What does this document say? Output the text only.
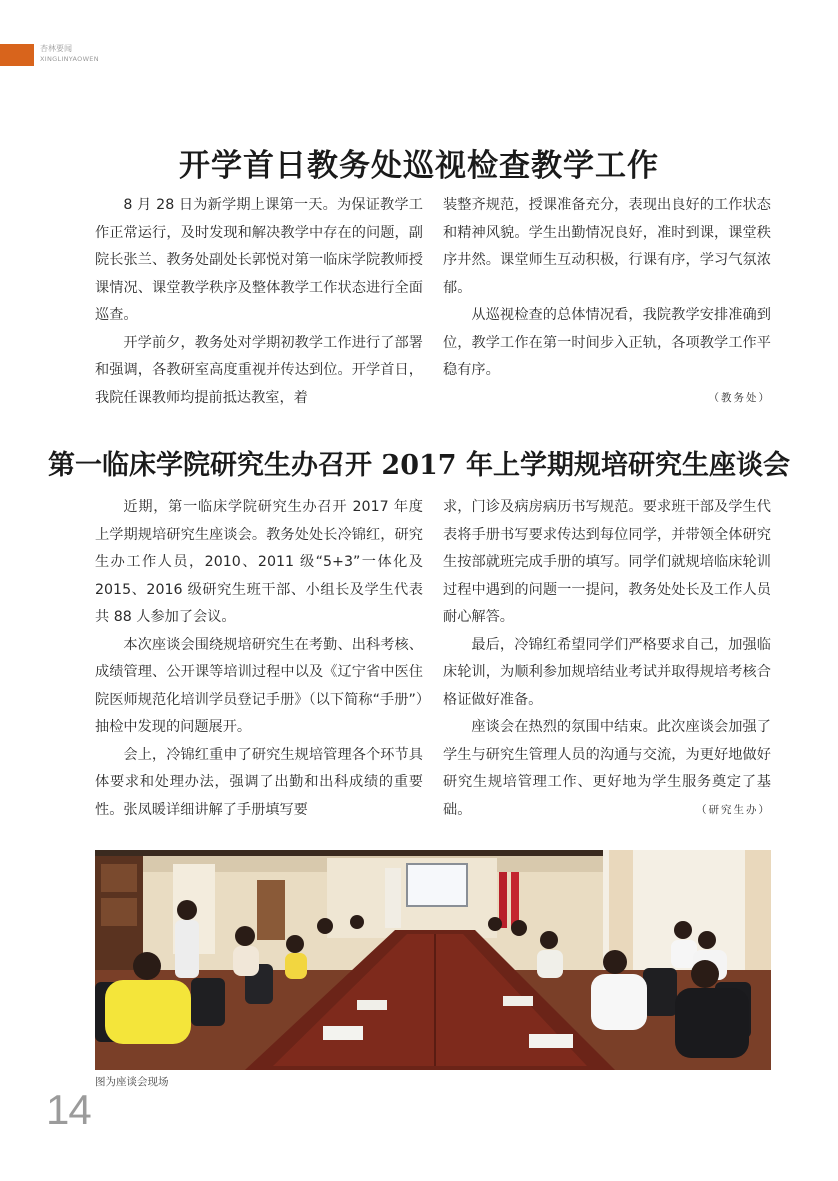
杏林要闻
XINGLINYAOWEN
开学首日教务处巡视检查教学工作

8 月 28 日为新学期上课第一天。为保证教学工作正常运行，及时发现和解决教学中存在的问题，副院长张兰、教务处副处长郭悦对第一临床学院教师授课情况、课堂教学秩序及整体教学工作状态进行全面巡查。

开学前夕，教务处对学期初教学工作进行了部署和强调，各教研室高度重视并传达到位。开学首日，我院任课教师均提前抵达教室，着

装整齐规范，授课准备充分，表现出良好的工作状态和精神风貌。学生出勤情况良好，准时到课，课堂秩序井然。课堂师生互动积极，行课有序，学习气氛浓郁。

从巡视检查的总体情况看，我院教学安排准确到位，教学工作在第一时间步入正轨，各项教学工作平稳有序。

（教务处）
第一临床学院研究生办召开 2017 年上学期规培研究生座谈会

近期，第一临床学院研究生办召开 2017 年度上学期规培研究生座谈会。教务处处长冷锦红，研究生办工作人员，2010、2011 级“5+3”一体化及 2015、2016 级研究生班干部、小组长及学生代表共 88 人参加了会议。

本次座谈会围绕规培研究生在考勤、出科考核、成绩管理、公开课等培训过程中以及《辽宁省中医住院医师规范化培训学员登记手册》（以下简称“手册”）抽检中发现的问题展开。

会上，冷锦红重申了研究生规培管理各个环节具体要求和处理办法，强调了出勤和出科成绩的重要性。张凤暖详细讲解了手册填写要

求，门诊及病房病历书写规范。要求班干部及学生代表将手册书写要求传达到每位同学，并带领全体研究生按部就班完成手册的填写。同学们就规培临床轮训过程中遇到的问题一一提问，教务处处长及工作人员耐心解答。

最后，冷锦红希望同学们严格要求自己，加强临床轮训，为顺利参加规培结业考试并取得规培考核合格证做好准备。

座谈会在热烈的氛围中结束。此次座谈会加强了学生与研究生管理人员的沟通与交流，为更好地做好研究生规培管理工作、更好地为学生服务奠定了基础。	（研究生办）

图为座谈会现场
14
